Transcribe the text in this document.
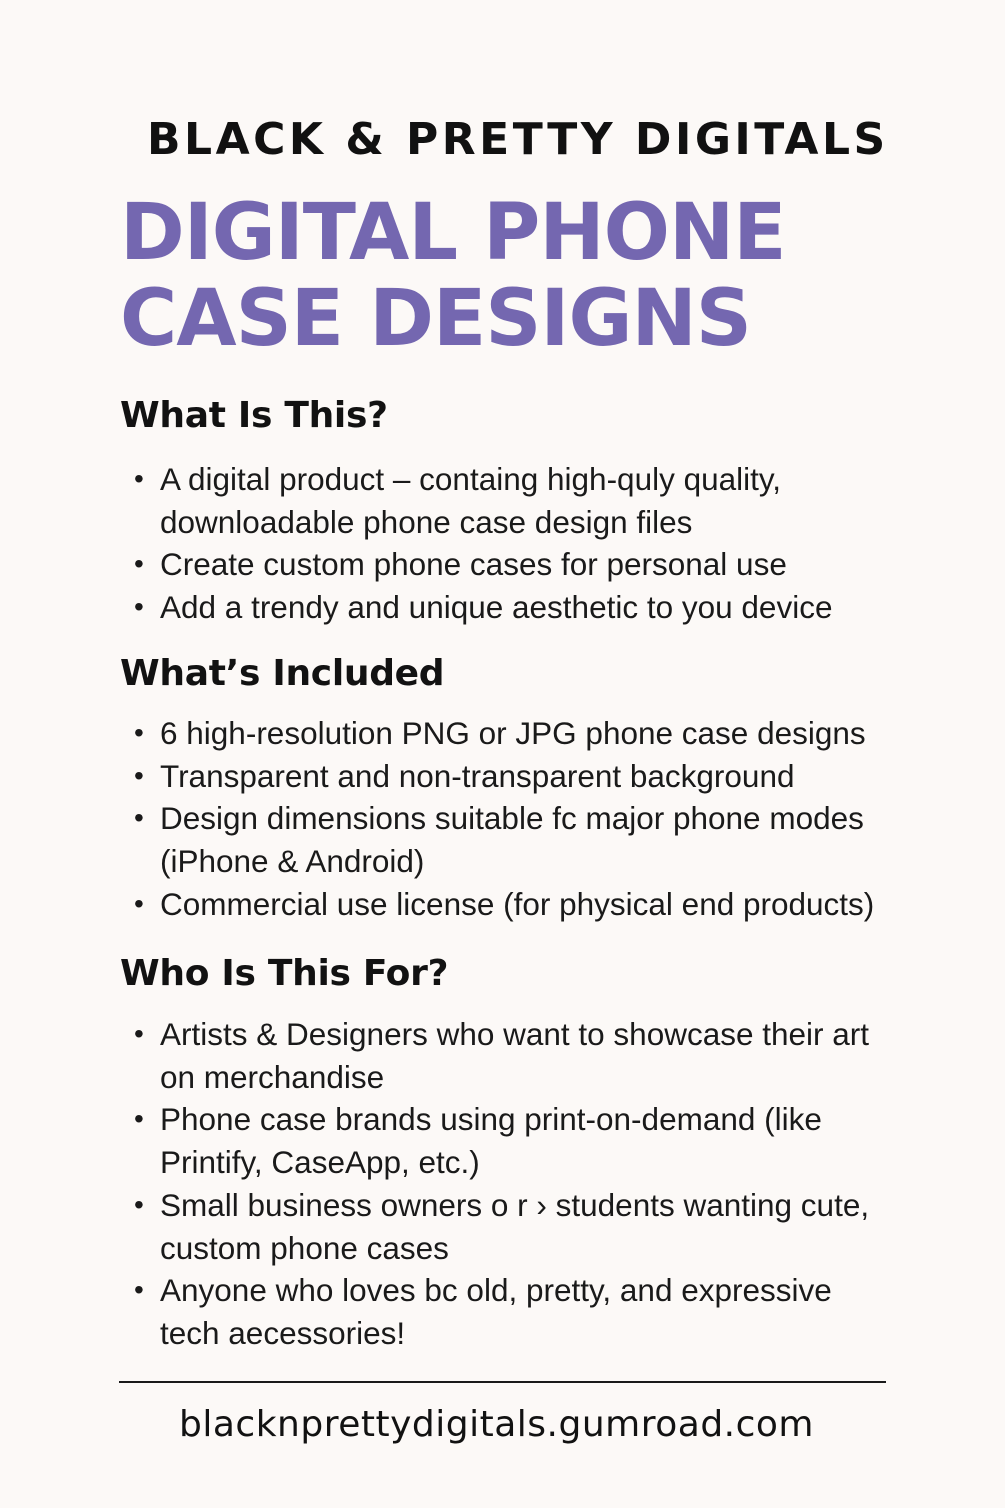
BLACK & PRETTY DIGITALS
DIGITAL PHONE
CASE DESIGNS
What Is This?
• A digital product – containg high-quly quality,
downloadable phone case design files
• Create custom phone cases for personal use
• Add a trendy and unique aesthetic to you device
What’s Included
• 6 high-resolution PNG or JPG phone case designs
• Transparent and non-transparent background
• Design dimensions suitable fc major phone modes
(iPhone & Android)
• Commercial use license (for physical end products)
Who Is This For?
• Artists & Designers who want to showcase their art
on merchandise
• Phone case brands using print-on-demand (like
Printify, CaseApp, etc.)
• Small business owners o r › students wanting cute,
custom phone cases
• Anyone who loves bc old, pretty, and expressive
tech aecessories!
blacknprettydigitals.gumroad.com
